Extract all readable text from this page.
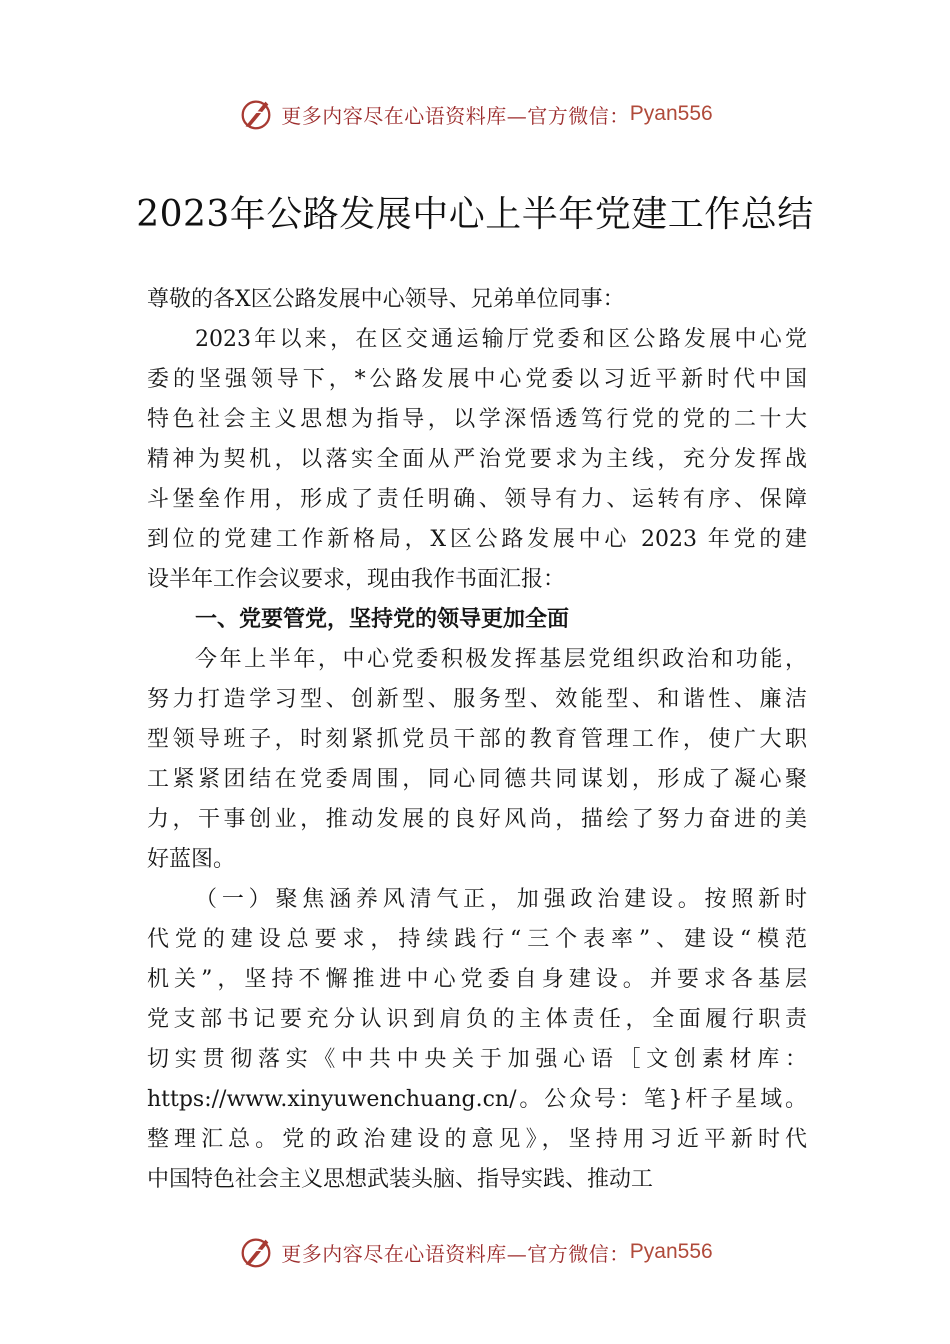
更多内容尽在心语资料库—官方微信： Pyan556
2023年公路发展中心上半年党建工作总结
尊敬的各X区公路发展中心领导、兄弟单位同事：
2023年以来，在区交通运输厅党委和区公路发展中心党
委的坚强领导下，*公路发展中心党委以习近平新时代中国
特色社会主义思想为指导，以学深悟透笃行党的党的二十大
精神为契机，以落实全面从严治党要求为主线，充分发挥战
斗堡垒作用，形成了责任明确、领导有力、运转有序、保障
到位的党建工作新格局，X区公路发展中心 2023 年党的建
设半年工作会议要求，现由我作书面汇报：
一、党要管党，坚持党的领导更加全面
今年上半年，中心党委积极发挥基层党组织政治和功能，
努力打造学习型、创新型、服务型、效能型、和谐性、廉洁
型领导班子，时刻紧抓党员干部的教育管理工作，使广大职
工紧紧团结在党委周围，同心同德共同谋划，形成了凝心聚
力，干事创业，推动发展的良好风尚，描绘了努力奋进的美
好蓝图。
（一）聚焦涵养风清气正，加强政治建设。按照新时
代党的建设总要求，持续践行“三个表率”、建设“模范
机关”，坚持不懈推进中心党委自身建设。并要求各基层
党支部书记要充分认识到肩负的主体责任，全面履行职责
切实贯彻落实《中共中央关于加强心语［文创素材库：
https://www.xinyuwenchuang.cn/。公众号：笔}杆子星域。
整理汇总。党的政治建设的意见》，坚持用习近平新时代
中国特色社会主义思想武装头脑、指导实践、推动工
更多内容尽在心语资料库—官方微信： Pyan556
